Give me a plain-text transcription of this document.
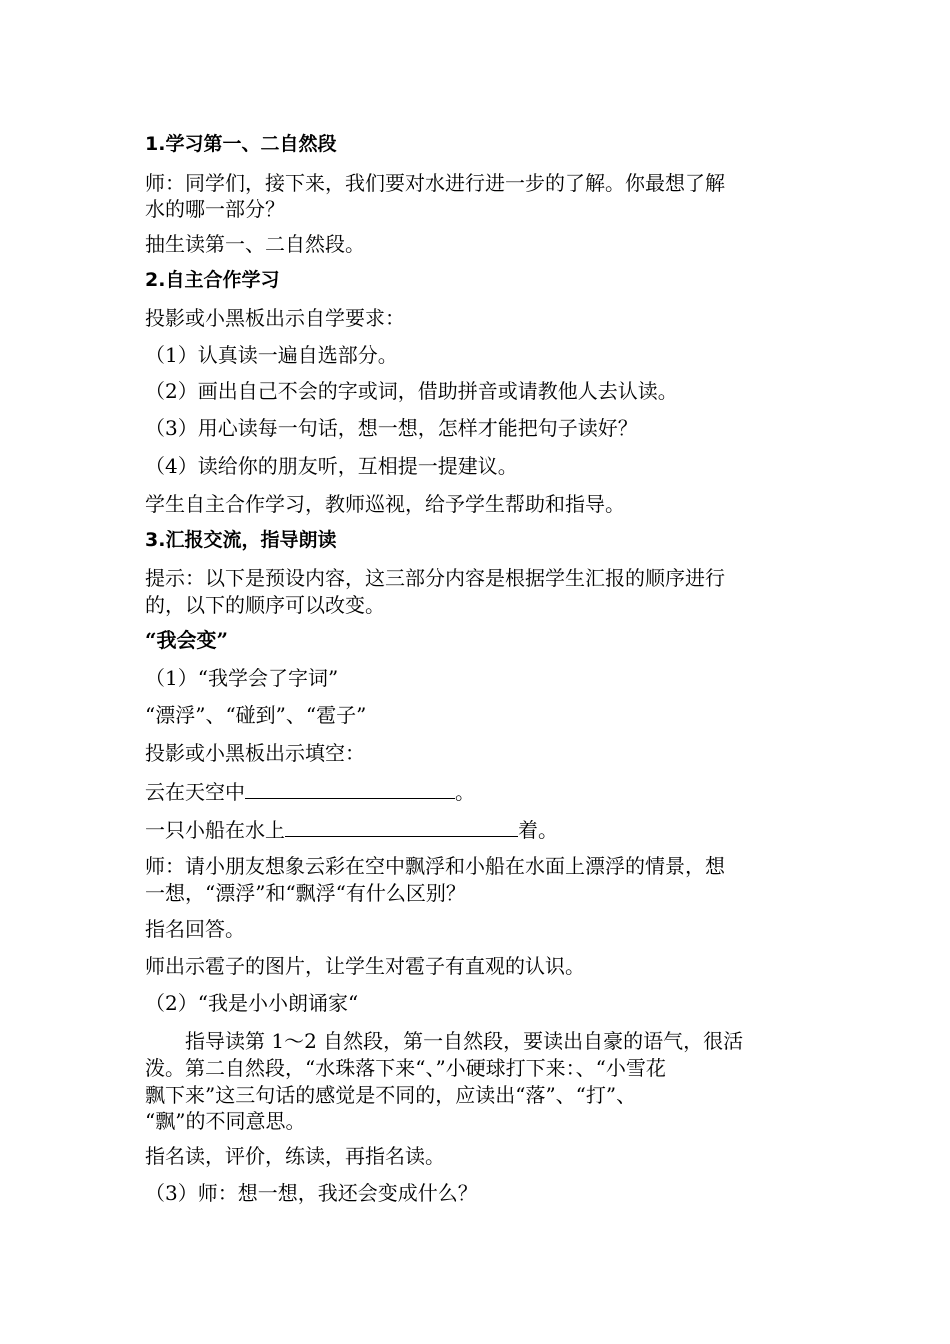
1.学习第一、二自然段
师：同学们，接下来，我们要对水进行进一步的了解。你最想了解
水的哪一部分？
抽生读第一、二自然段。
2.自主合作学习
投影或小黑板出示自学要求：
（1）认真读一遍自选部分。
（2）画出自己不会的字或词，借助拼音或请教他人去认读。
（3）用心读每一句话，想一想，怎样才能把句子读好？
（4）读给你的朋友听，互相提一提建议。
学生自主合作学习，教师巡视，给予学生帮助和指导。
3.汇报交流，指导朗读
提示：以下是预设内容，这三部分内容是根据学生汇报的顺序进行
的，以下的顺序可以改变。
“我会变”
（1）“我学会了字词”
“漂浮”、“碰到”、“雹子”
投影或小黑板出示填空：
云在天空中	。
一只小船在水上	着。
师：请小朋友想象云彩在空中飘浮和小船在水面上漂浮的情景，想
一想，“漂浮”和“飘浮“有什么区别？
指名回答。
师出示雹子的图片，让学生对雹子有直观的认识。
（2）“我是小小朗诵家“
指导读第 1～2 自然段，第一自然段，要读出自豪的语气，很活
泼。第二自然段，“水珠落下来“、”小硬球打下来：、“小雪花
飘下来”这三句话的感觉是不同的，应读出“落”、“打”、
“飘”的不同意思。
指名读，评价，练读，再指名读。
（3）师：想一想，我还会变成什么？
